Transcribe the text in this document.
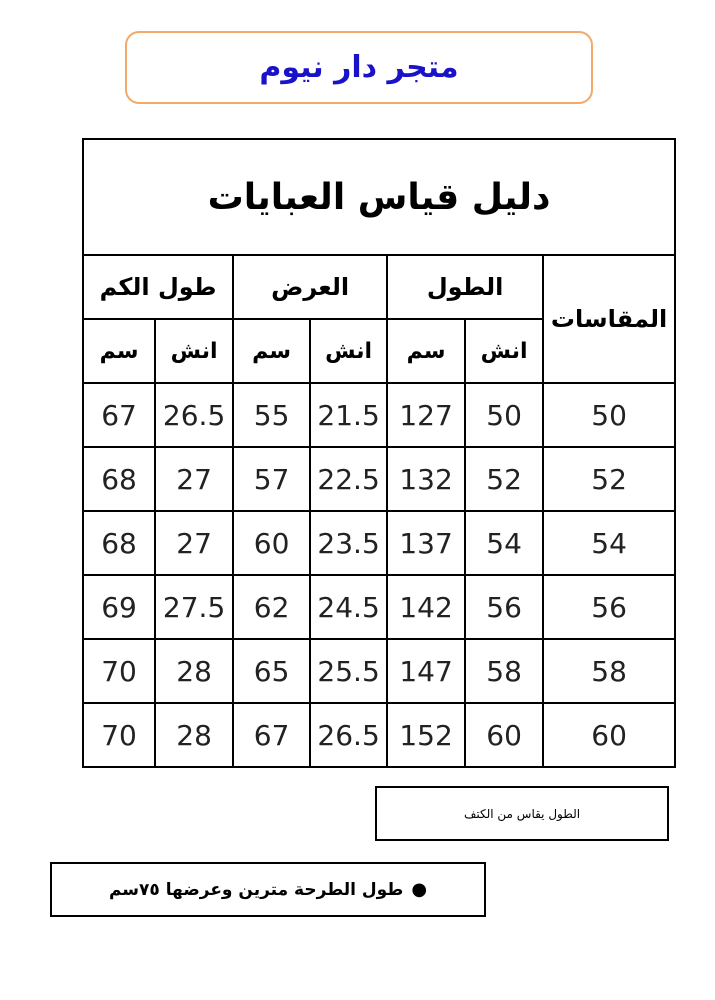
متجر دار نيوم
دليل قياس العبايات						
المقاسات	الطول		العرض		طول الكم	
	انش	سم	انش	سم	انش	سم
50	50	127	21.5	55	26.5	67
52	52	132	22.5	57	27	68
54	54	137	23.5	60	27	68
56	56	142	24.5	62	27.5	69
58	58	147	25.5	65	28	70
60	60	152	26.5	67	28	70
الطول يقاس من الكتف
●
طول الطرحة مترين وعرضها ٧٥سم
